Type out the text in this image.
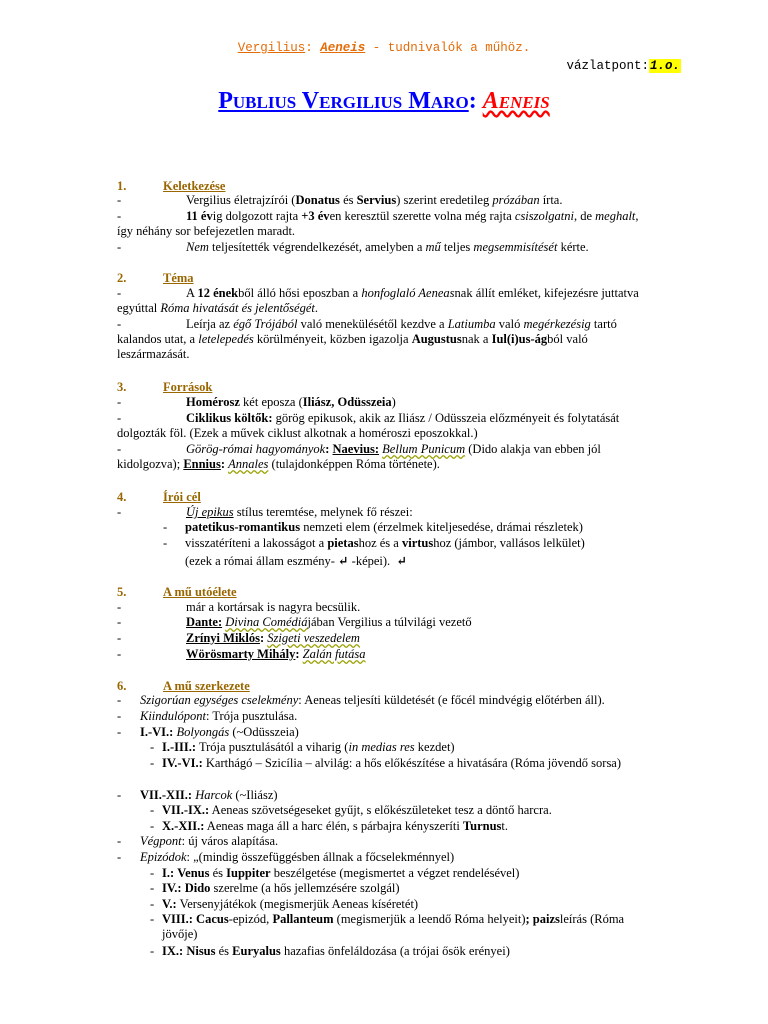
Vergilius: Aeneis - tudnivalók a műhöz.
vázlatpont:1.o.
Publius Vergilius Maro: Aeneis
1.	Keletkezése
-	Vergilius életrajzírói (Donatus és Servius) szerint eredetileg prózában írta.
-	11 évig dolgozott rajta +3 éven keresztül szerette volna még rajta csiszolgatni, de meghalt, így néhány sor befejezetlen maradt.
-	Nem teljesítették végrendelkezését, amelyben a mű teljes megsemmisítését kérte.
2.	Téma
-	A 12 énekből álló hősi eposzban a honfoglaló Aeneasnak állít emléket, kifejezésre juttatva egyúttal Róma hivatását és jelentőségét.
-	Leírja az égő Trójából való menekülésétől kezdve a Latiumba való megérkezésig tartó kalandos utat, a letelepedés körülményeit, közben igazolja Augustusnak a Iul(i)us-ágból való leszármazását.
3.	Források
-	Homérosz két eposza (Iliász, Odüsszeia)
-	Ciklikus költők: görög epikusok, akik az Iliász / Odüsszeia előzményeit és folytatását dolgozták föl. (Ezek a művek ciklust alkotnak a homéroszi eposzokkal.)
-	Görög-római hagyományok: Naevius: Bellum Punicum (Dido alakja van ebben jól kidolgozva); Ennius: Annales (tulajdonképpen Róma története).
4.	Írói cél
-	Új epikus stílus teremtése, melynek fő részei:
- patetikus-romantikus nemzeti elem (érzelmek kiteljesedése, drámai részletek)
- visszatéríteni a lakosságot a pietashoz és a virtushoz (jámbor, vallásos lelkület)
(ezek a római állam eszmény- ↵ -képei).  ↵
5.	A mű utóélete
-	már a kortársak is nagyra becsülik.
-	Dante: Divina Comédiájában Vergilius a túlvilági vezető
-	Zrínyi Miklós: Szigeti veszedelem
-	Wörösmarty Mihály: Zalán futása
6.	A mű szerkezete
- Szigorúan egységes cselekmény: Aeneas teljesíti küldetését (e főcél mindvégig előtérben áll).
- Kiindulópont: Trója pusztulása.
- I.-VI.: Bolyongás (~Odüsszeia)
- I.-III.: Trója pusztulásától a viharig (in medias res kezdet)
- IV.-VI.: Karthágó – Szicília – alvilág: a hős előkészítése a hivatására (Róma jövendő sorsa)
- VII.-XII.: Harcok (~Iliász)
- VII.-IX.: Aeneas szövetségeseket gyűjt, s előkészületeket tesz a döntő harcra.
- X.-XII.: Aeneas maga áll a harc élén, s párbajra kényszeríti Turnust.
- Végpont: új város alapítása.
- Epizódok: „(mindig összefüggésben állnak a főcselekménnyel)
- I.: Venus és Iuppiter beszélgetése (megismertet a végzet rendelésével)
- IV.: Dido szerelme (a hős jellemzésére szolgál)
- V.: Versenyjátékok (megismerjük Aeneas kíséretét)
- VIII.: Cacus-epizód, Pallanteum (megismerjük a leendő Róma helyeit); paizsleírás (Róma jövője)
- IX.: Nisus és Euryalus hazafias önfeláldozása (a trójai ősök erényei)
